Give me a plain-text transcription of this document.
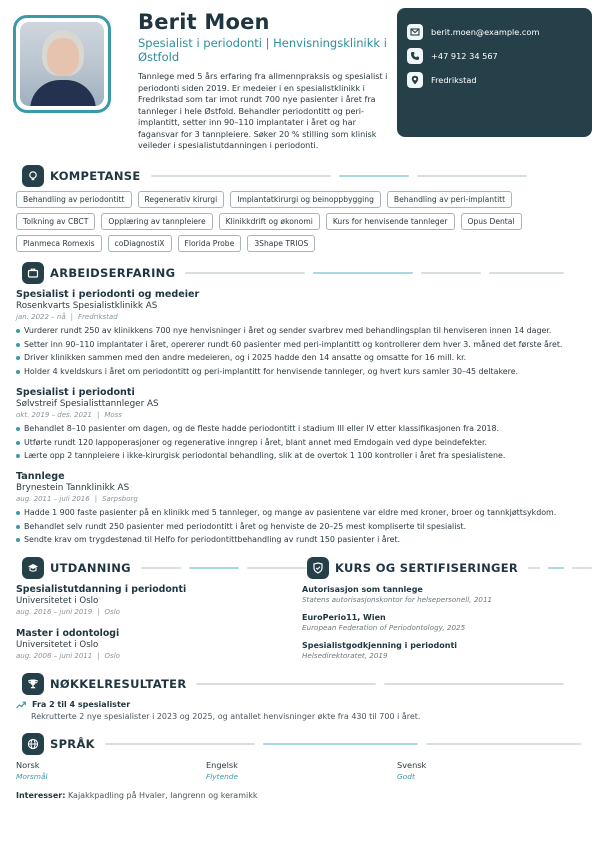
Berit Moen
Spesialist i periodonti | Henvisningsklinikk i Østfold
Tannlege med 5 års erfaring fra allmennpraksis og spesialist i periodonti siden 2019. Er medeier i en spesialistklinikk i Fredrikstad som tar imot rundt 700 nye pasienter i året fra tannleger i hele Østfold. Behandler periodontitt og peri-implantitt, setter inn 90–110 implantater i året og har fagansvar for 3 tannpleiere. Søker 20 % stilling som klinisk veileder i spesialistutdanningen i periodonti.
berit.moen@example.com
+47 912 34 567
Fredrikstad
KOMPETANSE
Behandling av periodontitt	Regenerativ kirurgi	Implantatkirurgi og beinoppbygging	Behandling av peri-implantitt
Tolkning av CBCT	Opplæring av tannpleiere	Klinikkdrift og økonomi	Kurs for henvisende tannleger	Opus Dental
Planmeca Romexis	coDiagnostiX	Florida Probe	3Shape TRIOS
ARBEIDSERFARING
Spesialist i periodonti og medeier
Rosenkvarts Spesialistklinikk AS
jan. 2022 – nå | Fredrikstad
Vurderer rundt 250 av klinikkens 700 nye henvisninger i året og sender svarbrev med behandlingsplan til henviseren innen 14 dager.
Setter inn 90–110 implantater i året, opererer rundt 60 pasienter med peri-implantitt og kontrollerer dem hver 3. måned det første året.
Driver klinikken sammen med den andre medeieren, og i 2025 hadde den 14 ansatte og omsatte for 16 mill. kr.
Holder 4 kveldskurs i året om periodontitt og peri-implantitt for henvisende tannleger, og hvert kurs samler 30–45 deltakere.
Spesialist i periodonti
Sølvstreif Spesialisttannleger AS
okt. 2019 – des. 2021 | Moss
Behandlet 8–10 pasienter om dagen, og de fleste hadde periodontitt i stadium III eller IV etter klassifikasjonen fra 2018.
Utførte rundt 120 lappoperasjoner og regenerative inngrep i året, blant annet med Emdogain ved dype beindefekter.
Lærte opp 2 tannpleiere i ikke-kirurgisk periodontal behandling, slik at de overtok 1 100 kontroller i året fra spesialistene.
Tannlege
Brynestein Tannklinikk AS
aug. 2011 – juli 2016 | Sarpsborg
Hadde 1 900 faste pasienter på en klinikk med 5 tannleger, og mange av pasientene var eldre med kroner, broer og tannkjøttsykdom.
Behandlet selv rundt 250 pasienter med periodontitt i året og henviste de 20–25 mest kompliserte til spesialist.
Sendte krav om trygdestønad til Helfo for periodontittbehandling av rundt 150 pasienter i året.
UTDANNING	KURS OG SERTIFISERINGER
Spesialistutdanning i periodonti
Universitetet i Oslo
aug. 2016 – juni 2019 | Oslo
Master i odontologi
Universitetet i Oslo
aug. 2006 – juni 2011 | Oslo
Autorisasjon som tannlege
Statens autorisasjonskontor for helsepersonell, 2011
EuroPerio11, Wien
European Federation of Periodontology, 2025
Spesialistgodkjenning i periodonti
Helsedirektoratet, 2019
NØKKELRESULTATER
Fra 2 til 4 spesialister
Rekrutterte 2 nye spesialister i 2023 og 2025, og antallet henvisninger økte fra 430 til 700 i året.
SPRÅK
Norsk
Morsmål
Engelsk
Flytende
Svensk
Godt
Interesser: Kajakkpadling på Hvaler, langrenn og keramikk
